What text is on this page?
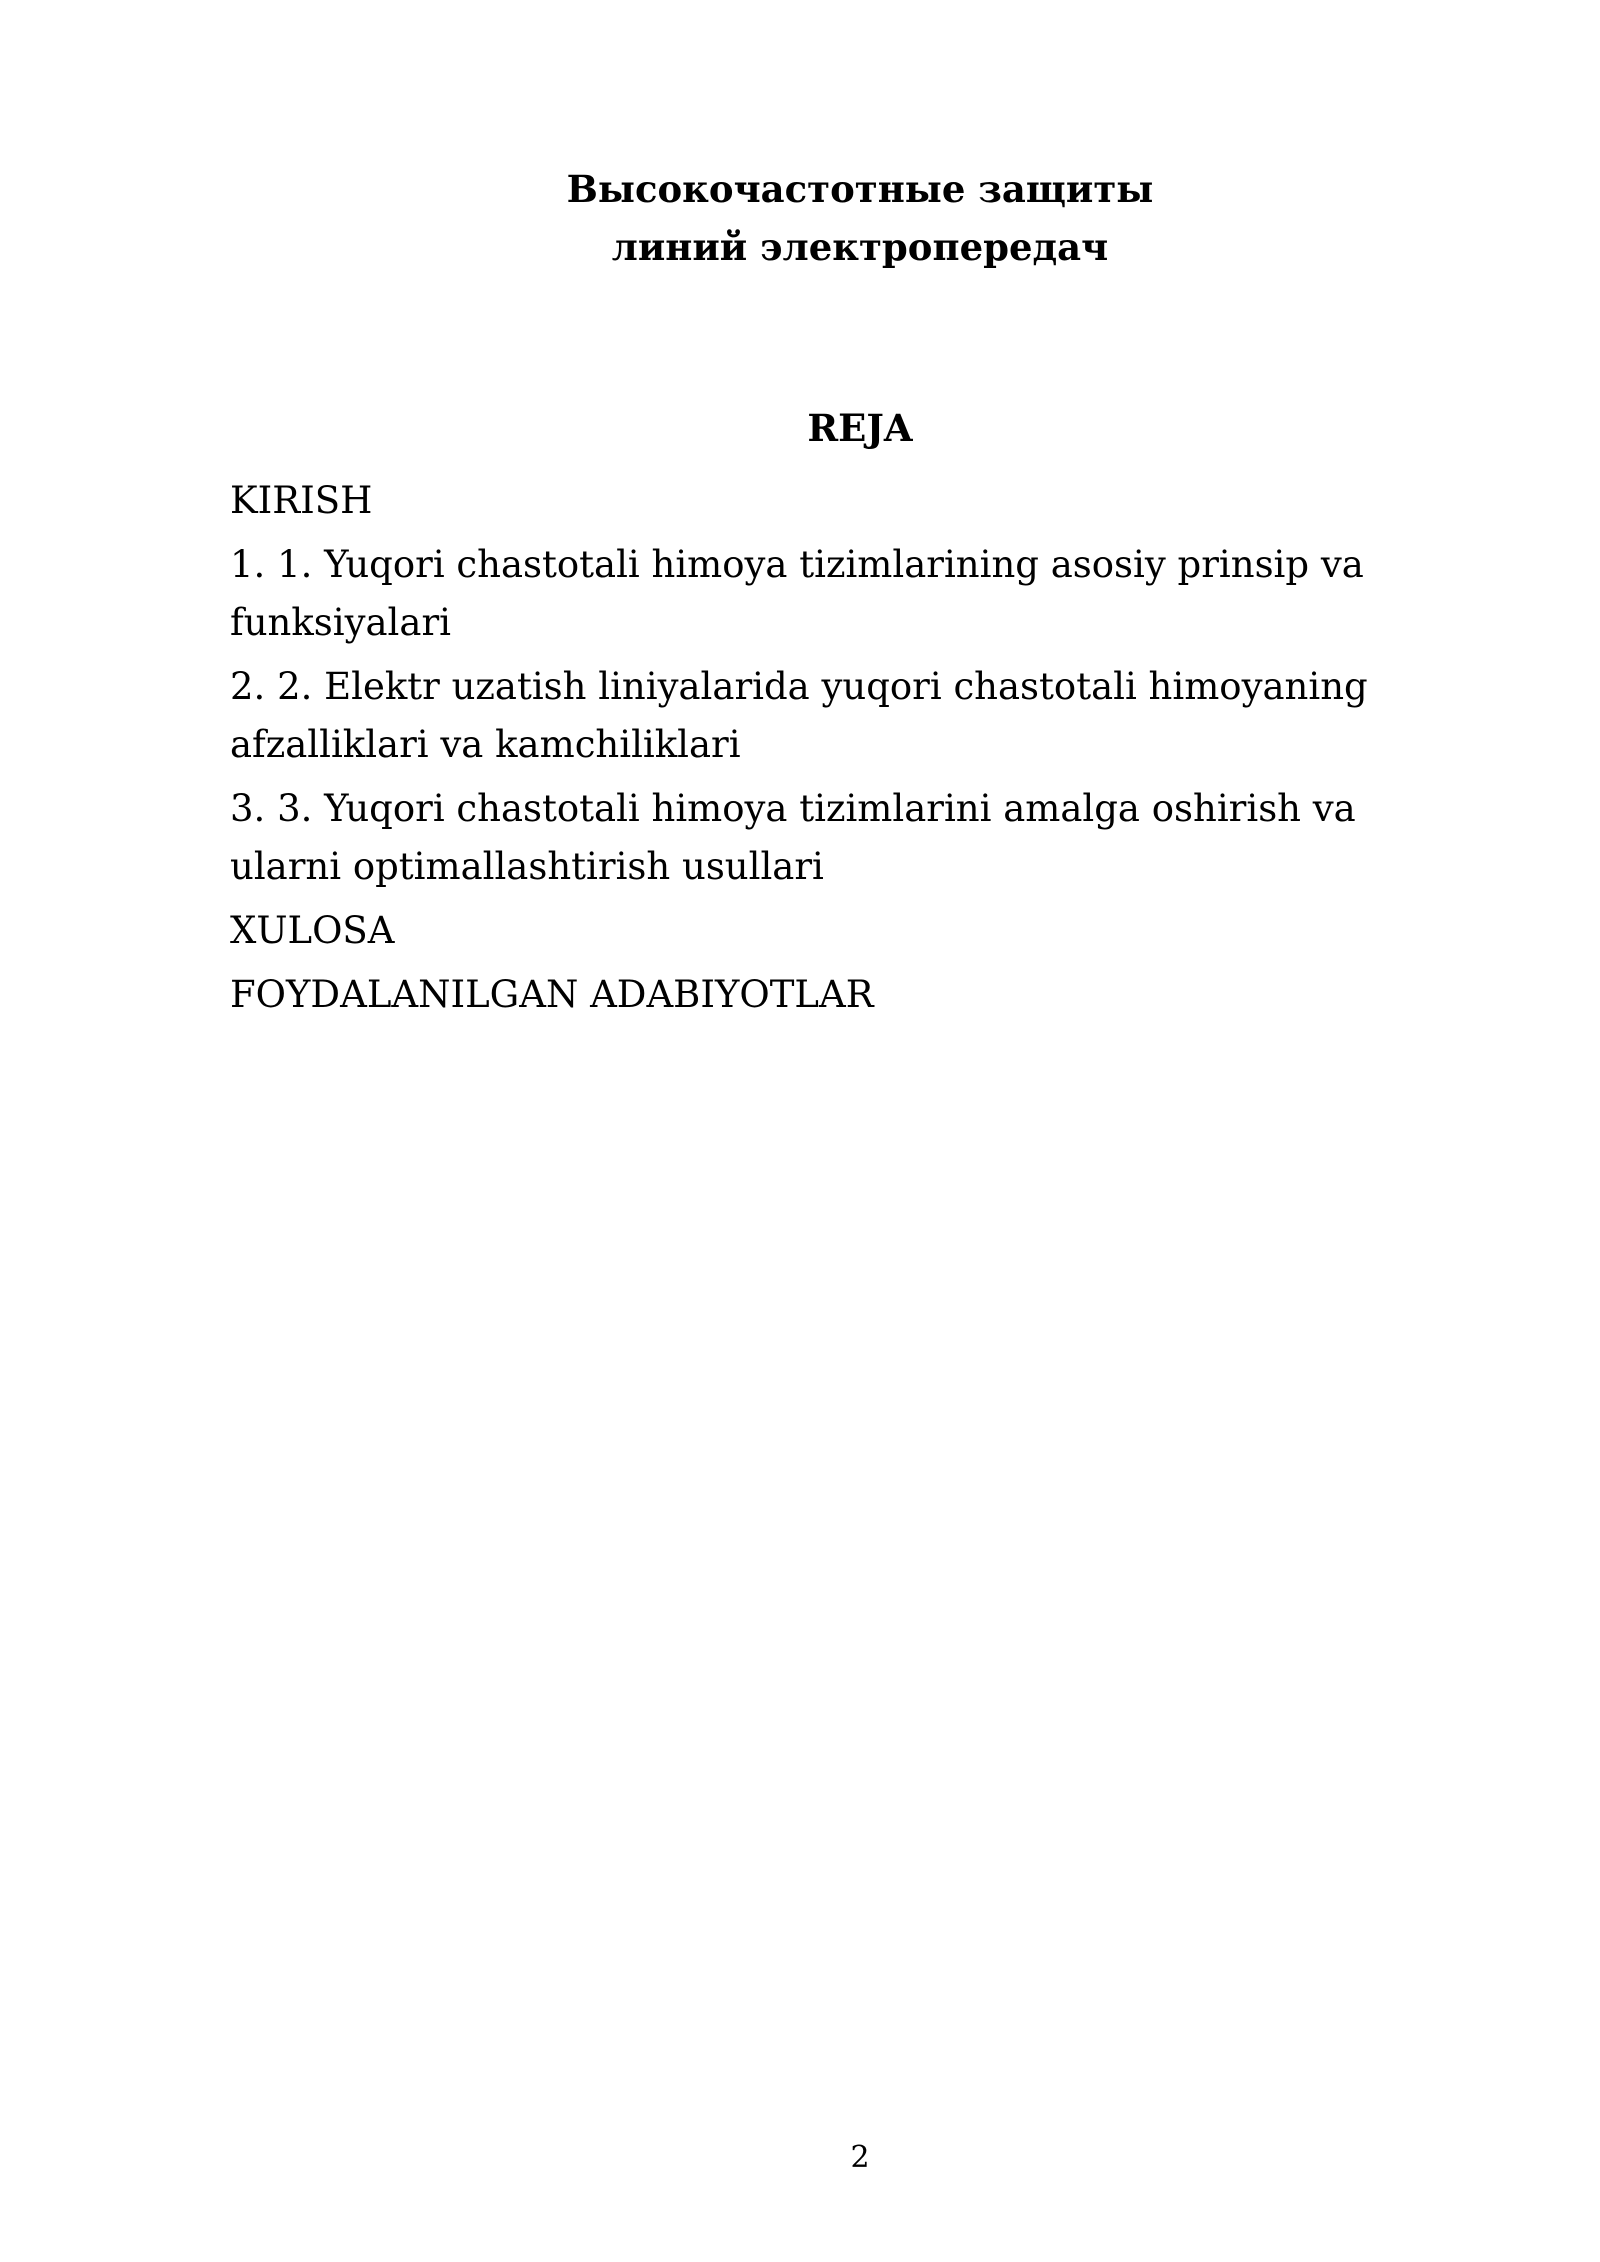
Высокочастотные защиты
линий электропередач
REJA
KIRISH
1. 1. Yuqori chastotali himoya tizimlarining asosiy prinsip va funksiyalari
2. 2. Elektr uzatish liniyalarida yuqori chastotali himoyaning afzalliklari va kamchiliklari
3. 3. Yuqori chastotali himoya tizimlarini amalga oshirish va ularni optimallashtirish usullari
XULOSA
FOYDALANILGAN ADABIYOTLAR
2
